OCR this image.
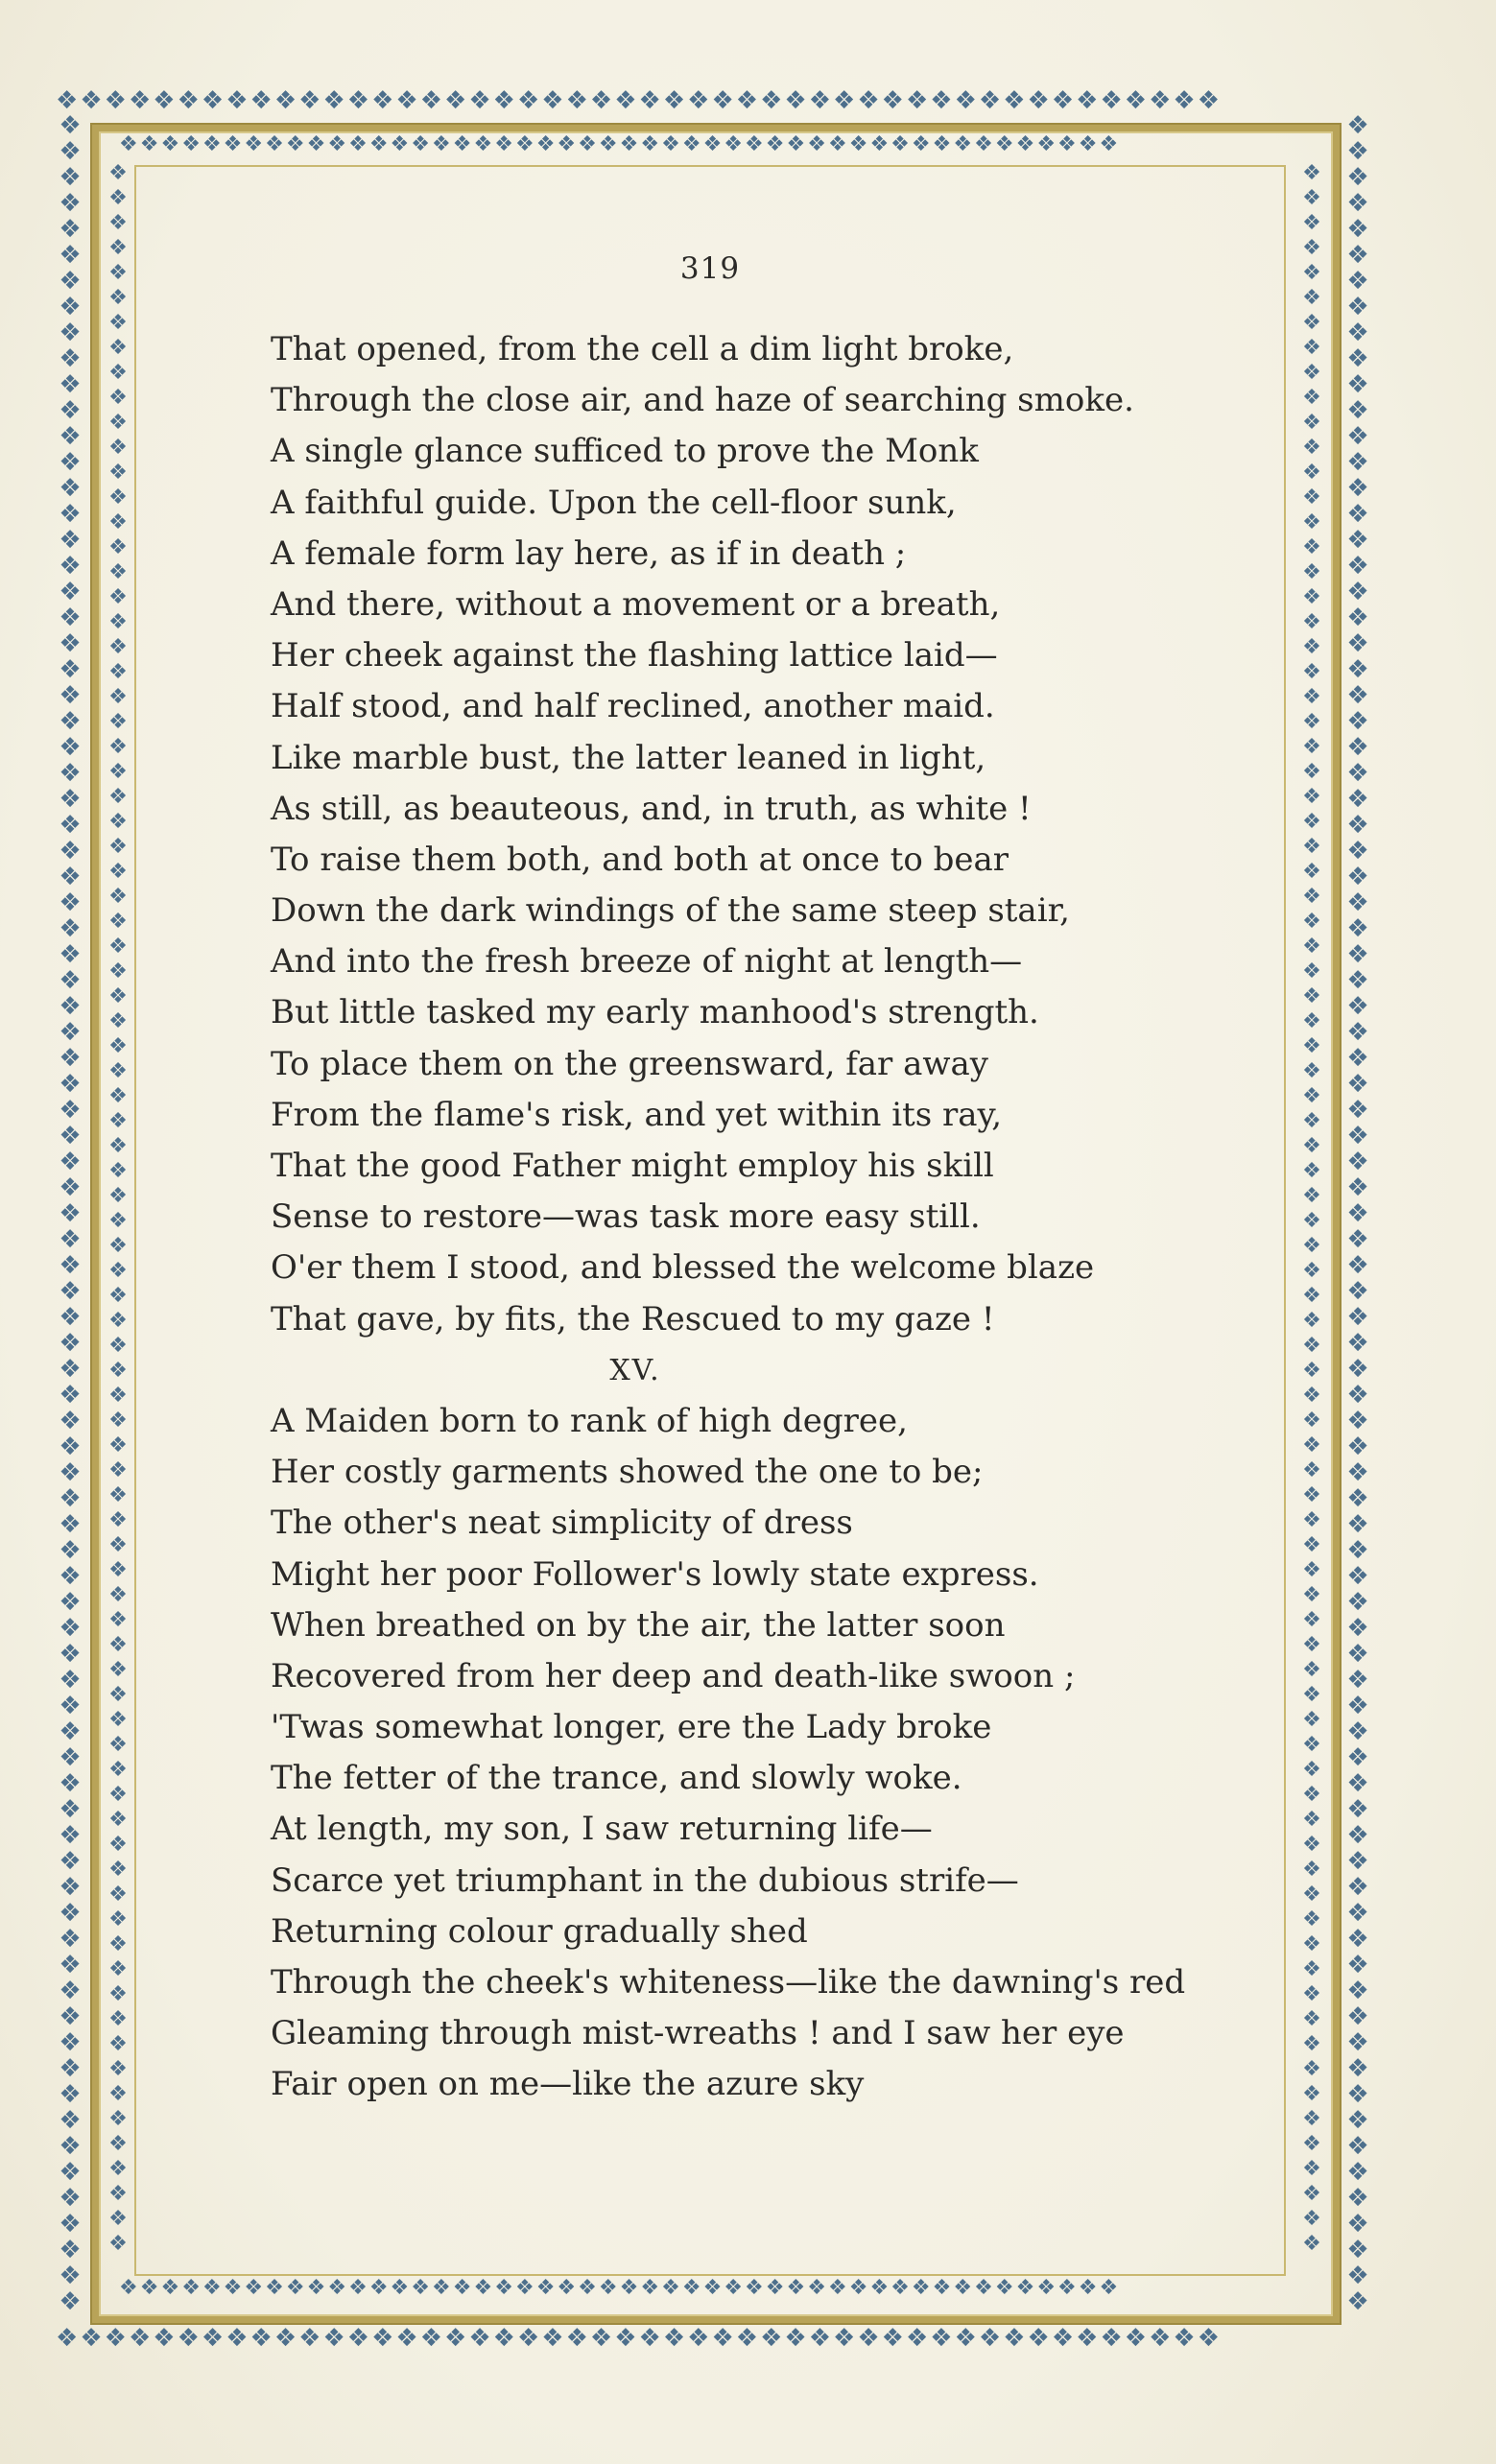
❖❖❖❖❖❖❖❖❖❖❖❖❖❖❖❖❖❖❖❖❖❖❖❖❖❖❖❖❖❖❖❖❖❖❖❖❖❖❖❖❖❖❖❖❖❖❖❖
❖❖❖❖❖❖❖❖❖❖❖❖❖❖❖❖❖❖❖❖❖❖❖❖❖❖❖❖❖❖❖❖❖❖❖❖❖❖❖❖❖❖❖❖❖❖❖❖
❖
❖
❖
❖
❖
❖
❖
❖
❖
❖
❖
❖
❖
❖
❖
❖
❖
❖
❖
❖
❖
❖
❖
❖
❖
❖
❖
❖
❖
❖
❖
❖
❖
❖
❖
❖
❖
❖
❖
❖
❖
❖
❖
❖
❖
❖
❖
❖
❖
❖
❖
❖
❖
❖
❖
❖
❖
❖
❖
❖
❖
❖
❖
❖
❖
❖
❖
❖
❖
❖
❖
❖
❖
❖
❖
❖
❖
❖
❖
❖
❖
❖
❖
❖
❖
❖
❖
❖
❖
❖
❖
❖
❖
❖
❖
❖
❖
❖
❖
❖
❖
❖
❖
❖
❖
❖
❖
❖
❖
❖
❖
❖
❖
❖
❖
❖
❖
❖
❖
❖
❖
❖
❖
❖
❖
❖
❖
❖
❖
❖
❖
❖
❖
❖
❖
❖
❖
❖
❖
❖
❖
❖
❖
❖
❖
❖
❖
❖
❖
❖
❖
❖
❖
❖
❖
❖
❖
❖
❖
❖
❖
❖
❖
❖
❖
❖
❖
❖
❖
❖
❖❖❖❖❖❖❖❖❖❖❖❖❖❖❖❖❖❖❖❖❖❖❖❖❖❖❖❖❖❖❖❖❖❖❖❖❖❖❖❖❖❖❖❖❖❖❖❖
❖❖❖❖❖❖❖❖❖❖❖❖❖❖❖❖❖❖❖❖❖❖❖❖❖❖❖❖❖❖❖❖❖❖❖❖❖❖❖❖❖❖❖❖❖❖❖❖
❖
❖
❖
❖
❖
❖
❖
❖
❖
❖
❖
❖
❖
❖
❖
❖
❖
❖
❖
❖
❖
❖
❖
❖
❖
❖
❖
❖
❖
❖
❖
❖
❖
❖
❖
❖
❖
❖
❖
❖
❖
❖
❖
❖
❖
❖
❖
❖
❖
❖
❖
❖
❖
❖
❖
❖
❖
❖
❖
❖
❖
❖
❖
❖
❖
❖
❖
❖
❖
❖
❖
❖
❖
❖
❖
❖
❖
❖
❖
❖
❖
❖
❖
❖
❖
❖
❖
❖
❖
❖
❖
❖
❖
❖
❖
❖
❖
❖
❖
❖
❖
❖
❖
❖
❖
❖
❖
❖
❖
❖
❖
❖
❖
❖
❖
❖
❖
❖
❖
❖
❖
❖
❖
❖
❖
❖
❖
❖
❖
❖
❖
❖
❖
❖
❖
❖
❖
❖
❖
❖
❖
❖
❖
❖
❖
❖
❖
❖
❖
❖
❖
❖
❖
❖
❖
❖
❖
❖
❖
❖
❖
❖
❖
❖
❖
❖
❖
❖
319
That opened, from the cell a dim light broke,
Through the close air, and haze of searching smoke.
A single glance sufficed to prove the Monk
A faithful guide. Upon the cell-floor sunk,
A female form lay here, as if in death ;
And there, without a movement or a breath,
Her cheek against the flashing lattice laid—
Half stood, and half reclined, another maid.
Like marble bust, the latter leaned in light,
As still, as beauteous, and, in truth, as white !
To raise them both, and both at once to bear
Down the dark windings of the same steep stair,
And into the fresh breeze of night at length—
But little tasked my early manhood's strength.
To place them on the greensward, far away
From the flame's risk, and yet within its ray,
That the good Father might employ his skill
Sense to restore—was task more easy still.
O'er them I stood, and blessed the welcome blaze
That gave, by fits, the Rescued to my gaze !
XV.
A Maiden born to rank of high degree,
Her costly garments showed the one to be;
The other's neat simplicity of dress
Might her poor Follower's lowly state express.
When breathed on by the air, the latter soon
Recovered from her deep and death-like swoon ;
'Twas somewhat longer, ere the Lady broke
The fetter of the trance, and slowly woke.
At length, my son, I saw returning life—
Scarce yet triumphant in the dubious strife—
Returning colour gradually shed
Through the cheek's whiteness—like the dawning's red
Gleaming through mist-wreaths ! and I saw her eye
Fair open on me—like the azure sky
